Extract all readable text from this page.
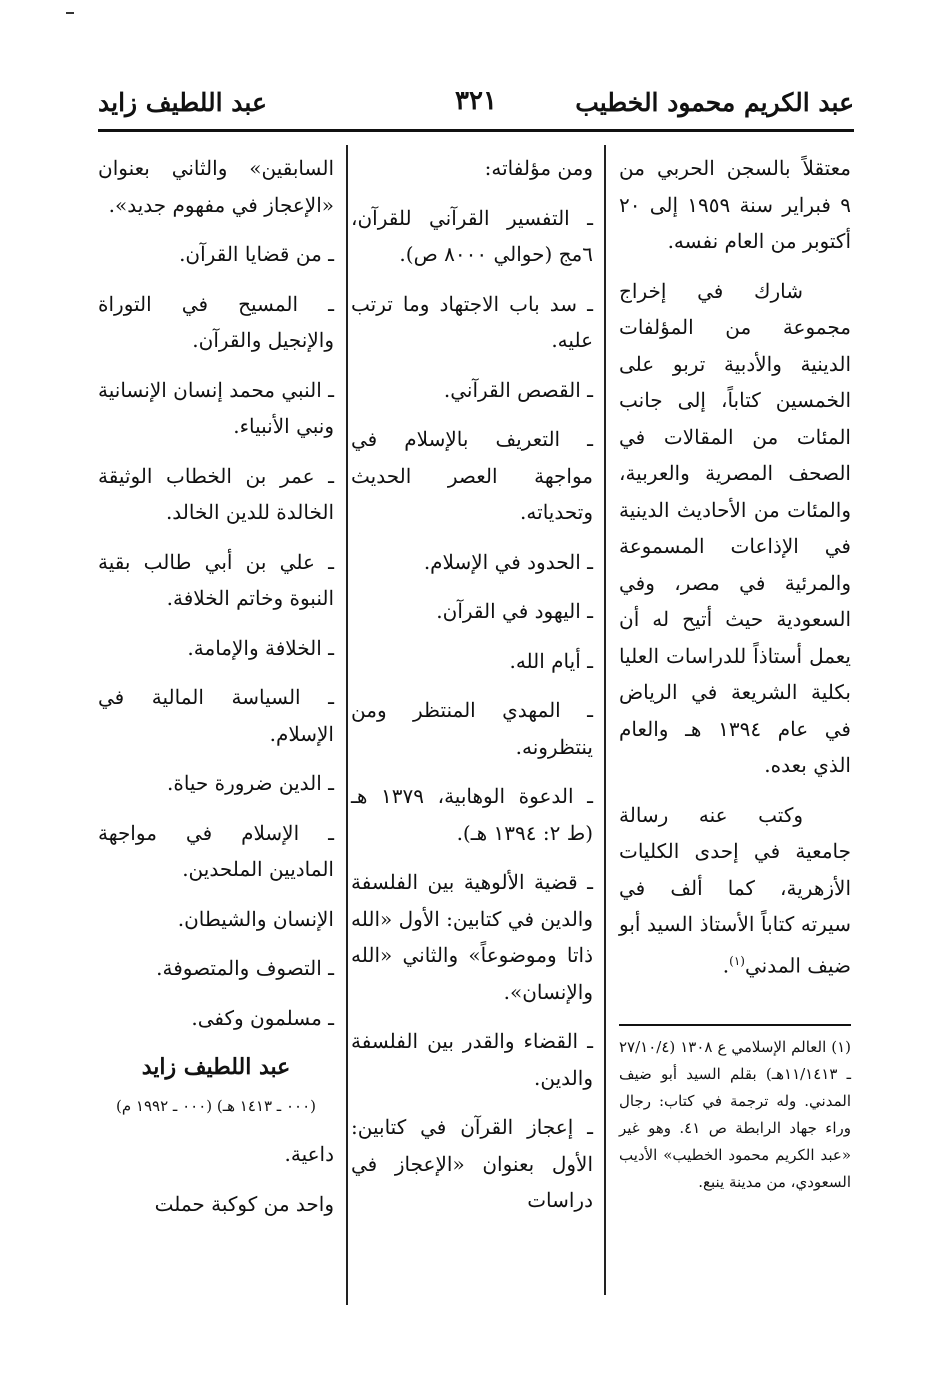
عبد الكريم محمود الخطيب
٣٢١
عبد اللطيف زايد

معتقلاً بالسجن الحربي من ٩ فبراير سنة ١٩٥٩ إلى ٢٠ أكتوبر من العام نفسه.

شارك في إخراج مجموعة من المؤلفات الدينية والأدبية تربو على الخمسين كتاباً، إلى جانب المئات من المقالات في الصحف المصرية والعربية، والمئات من الأحاديث الدينية في الإذاعات المسموعة والمرئية في مصر، وفي السعودية حيث أتيح له أن يعمل أستاذاً للدراسات العليا بكلية الشريعة في الرياض في عام ١٣٩٤ هـ والعام الذي بعده.

وكتب عنه رسالة جامعية في إحدى الكليات الأزهرية، كما ألف في سيرته كتاباً الأستاذ السيد أبو ضيف المدني$^{(١)}$.

(١) العالم الإسلامي ع ١٣٠٨ (٢٧/١٠/٤ ـ ١١/١٤١٣هـ) بقلم السيد أبو ضيف المدني. وله ترجمة في كتاب: رجال وراء جهاد الرابطة ص ٤١. وهو غير «عبد الكريم محمود الخطيب» الأديب السعودي، من مدينة ينبع.

ومن مؤلفاته:

ـ التفسير القرآني للقرآن، ٦مج (حوالي ٨٠٠٠ ص).

ـ سد باب الاجتهاد وما ترتب عليه.

ـ القصص القرآني.

ـ التعريف بالإسلام في مواجهة العصر الحديث وتحدياته.

ـ الحدود في الإسلام.

ـ اليهود في القرآن.

ـ أيام الله.

ـ المهدي المنتظر ومن ينتظرونه.

ـ الدعوة الوهابية، ١٣٧٩ هـ (ط ٢: ١٣٩٤ هـ).

ـ قضية الألوهية بين الفلسفة والدين في كتابين: الأول «الله ذاتا وموضوعاً» والثاني «الله والإنسان».

ـ القضاء والقدر بين الفلسفة والدين.

ـ إعجاز القرآن في كتابين: الأول بعنوان «الإعجاز في دراسات

السابقين» والثاني بعنوان «الإعجاز في مفهوم جديد».

ـ من قضايا القرآن.

ـ المسيح في التوراة والإنجيل والقرآن.

ـ النبي محمد إنسان الإنسانية ونبي الأنبياء.

ـ عمر بن الخطاب الوثيقة الخالدة للدين الخالد.

ـ علي بن أبي طالب بقية النبوة وخاتم الخلافة.

ـ الخلافة والإمامة.

ـ السياسة المالية في الإسلام.

ـ الدين ضرورة حياة.

ـ الإسلام في مواجهة الماديين الملحدين.

الإنسان والشيطان.

ـ التصوف والمتصوفة.

ـ مسلمون وكفى.

عبد اللطيف زايد
(٠٠٠ ـ ١٤١٣ هـ) (٠٠٠ ـ ١٩٩٢ م)

داعية.

واحد من كوكبة حملت
